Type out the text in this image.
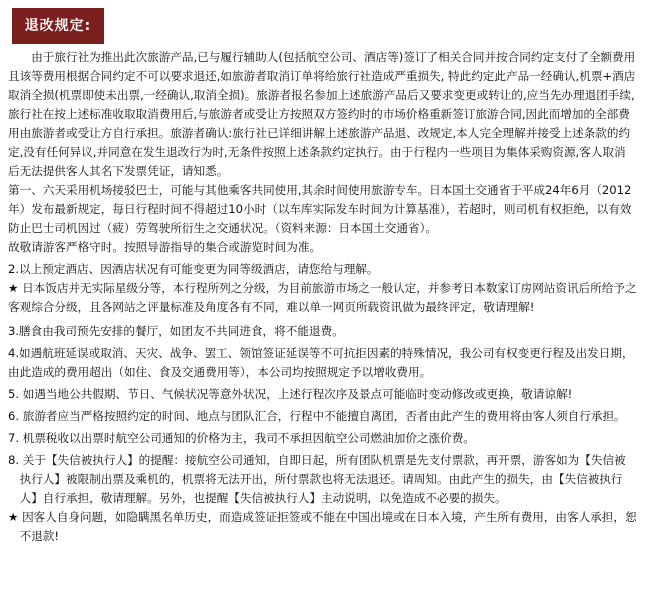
退改规定:

由于旅行社为推出此次旅游产品,已与履行辅助人(包括航空公司、酒店等)签订了相关合同并按合同约定支付了全额费用且该等费用根据合同约定不可以要求退还,如旅游者取消订单将给旅行社造成严重损失, 特此约定此产品一经确认,机票+酒店取消全损(机票即使未出票,一经确认,取消全损)。旅游者报名参加上述旅游产品后又要求变更或转让的,应当先办理退团手续,旅行社在按上述标准收取取消费用后,与旅游者或受让方按照双方签约时的市场价格重新签订旅游合同,因此而增加的全部费用由旅游者或受让方自行承担。旅游者确认:旅行社已详细讲解上述旅游产品退、改规定,本人完全理解并接受上述条款的约定,没有任何异议,并同意在发生退改行为时,无条件按照上述条款约定执行。由于行程内一些项目为集体采购资源,客人取消后无法提供客人其名下发票凭证，请知悉。

第一、六天采用机场接驳巴士，可能与其他乘客共同使用,其余时间使用旅游专车。日本国土交通省于平成24年6月（2012年）发布最新规定，每日行程时间不得超过10小时（以车库实际发车时间为计算基准），若超时，则司机有权拒绝，以有效防止巴士司机因过（疲）劳驾驶所衍生之交通状况。（资料来源：日本国土交通省）。

故敬请游客严格守时。按照导游指导的集合或游览时间为准。

2.以上预定酒店、因酒店状况有可能变更为同等级酒店，请您给与理解。

★ 日本饭店并无实际星级分等，本行程所列之分级，为目前旅游市场之一般认定，并参考日本数家订房网站资讯后所给予之客观综合分级，且各网站之评量标准及角度各有不同，难以单一网页所载资讯做为最终评定，敬请理解!

3.膳食由我司预先安排的餐厅，如团友不共同进食，将不能退费。

4.如遇航班延误或取消、天灾、战争、罢工、领馆签证延误等不可抗拒因素的特殊情况，我公司有权变更行程及出发日期，由此造成的费用超出（如住、食及交通费用等），本公司均按照规定予以增收费用。

5. 如遇当地公共假期、节日、气候状况等意外状况，上述行程次序及景点可能临时变动修改或更换，敬请谅解!

6. 旅游者应当严格按照约定的时间、地点与团队汇合，行程中不能擅自离团，否者由此产生的费用将由客人须自行承担。

7. 机票税收以出票时航空公司通知的价格为主，我司不承担因航空公司燃油加价之涨价费。

8. 关于【失信被执行人】的提醒：接航空公司通知，自即日起，所有团队机票是先支付票款，再开票，游客如为【失信被执行人】被限制出票及乘机的，机票将无法开出，所付票款也将无法退还。请周知。由此产生的损失，由【失信被执行人】自行承担，敬请理解。另外，也提醒【失信被执行人】主动说明，以免造成不必要的损失。

★ 因客人自身问题，如隐瞒黑名单历史，而造成签证拒签或不能在中国出境或在日本入境，产生所有费用，由客人承担，恕不退款!
